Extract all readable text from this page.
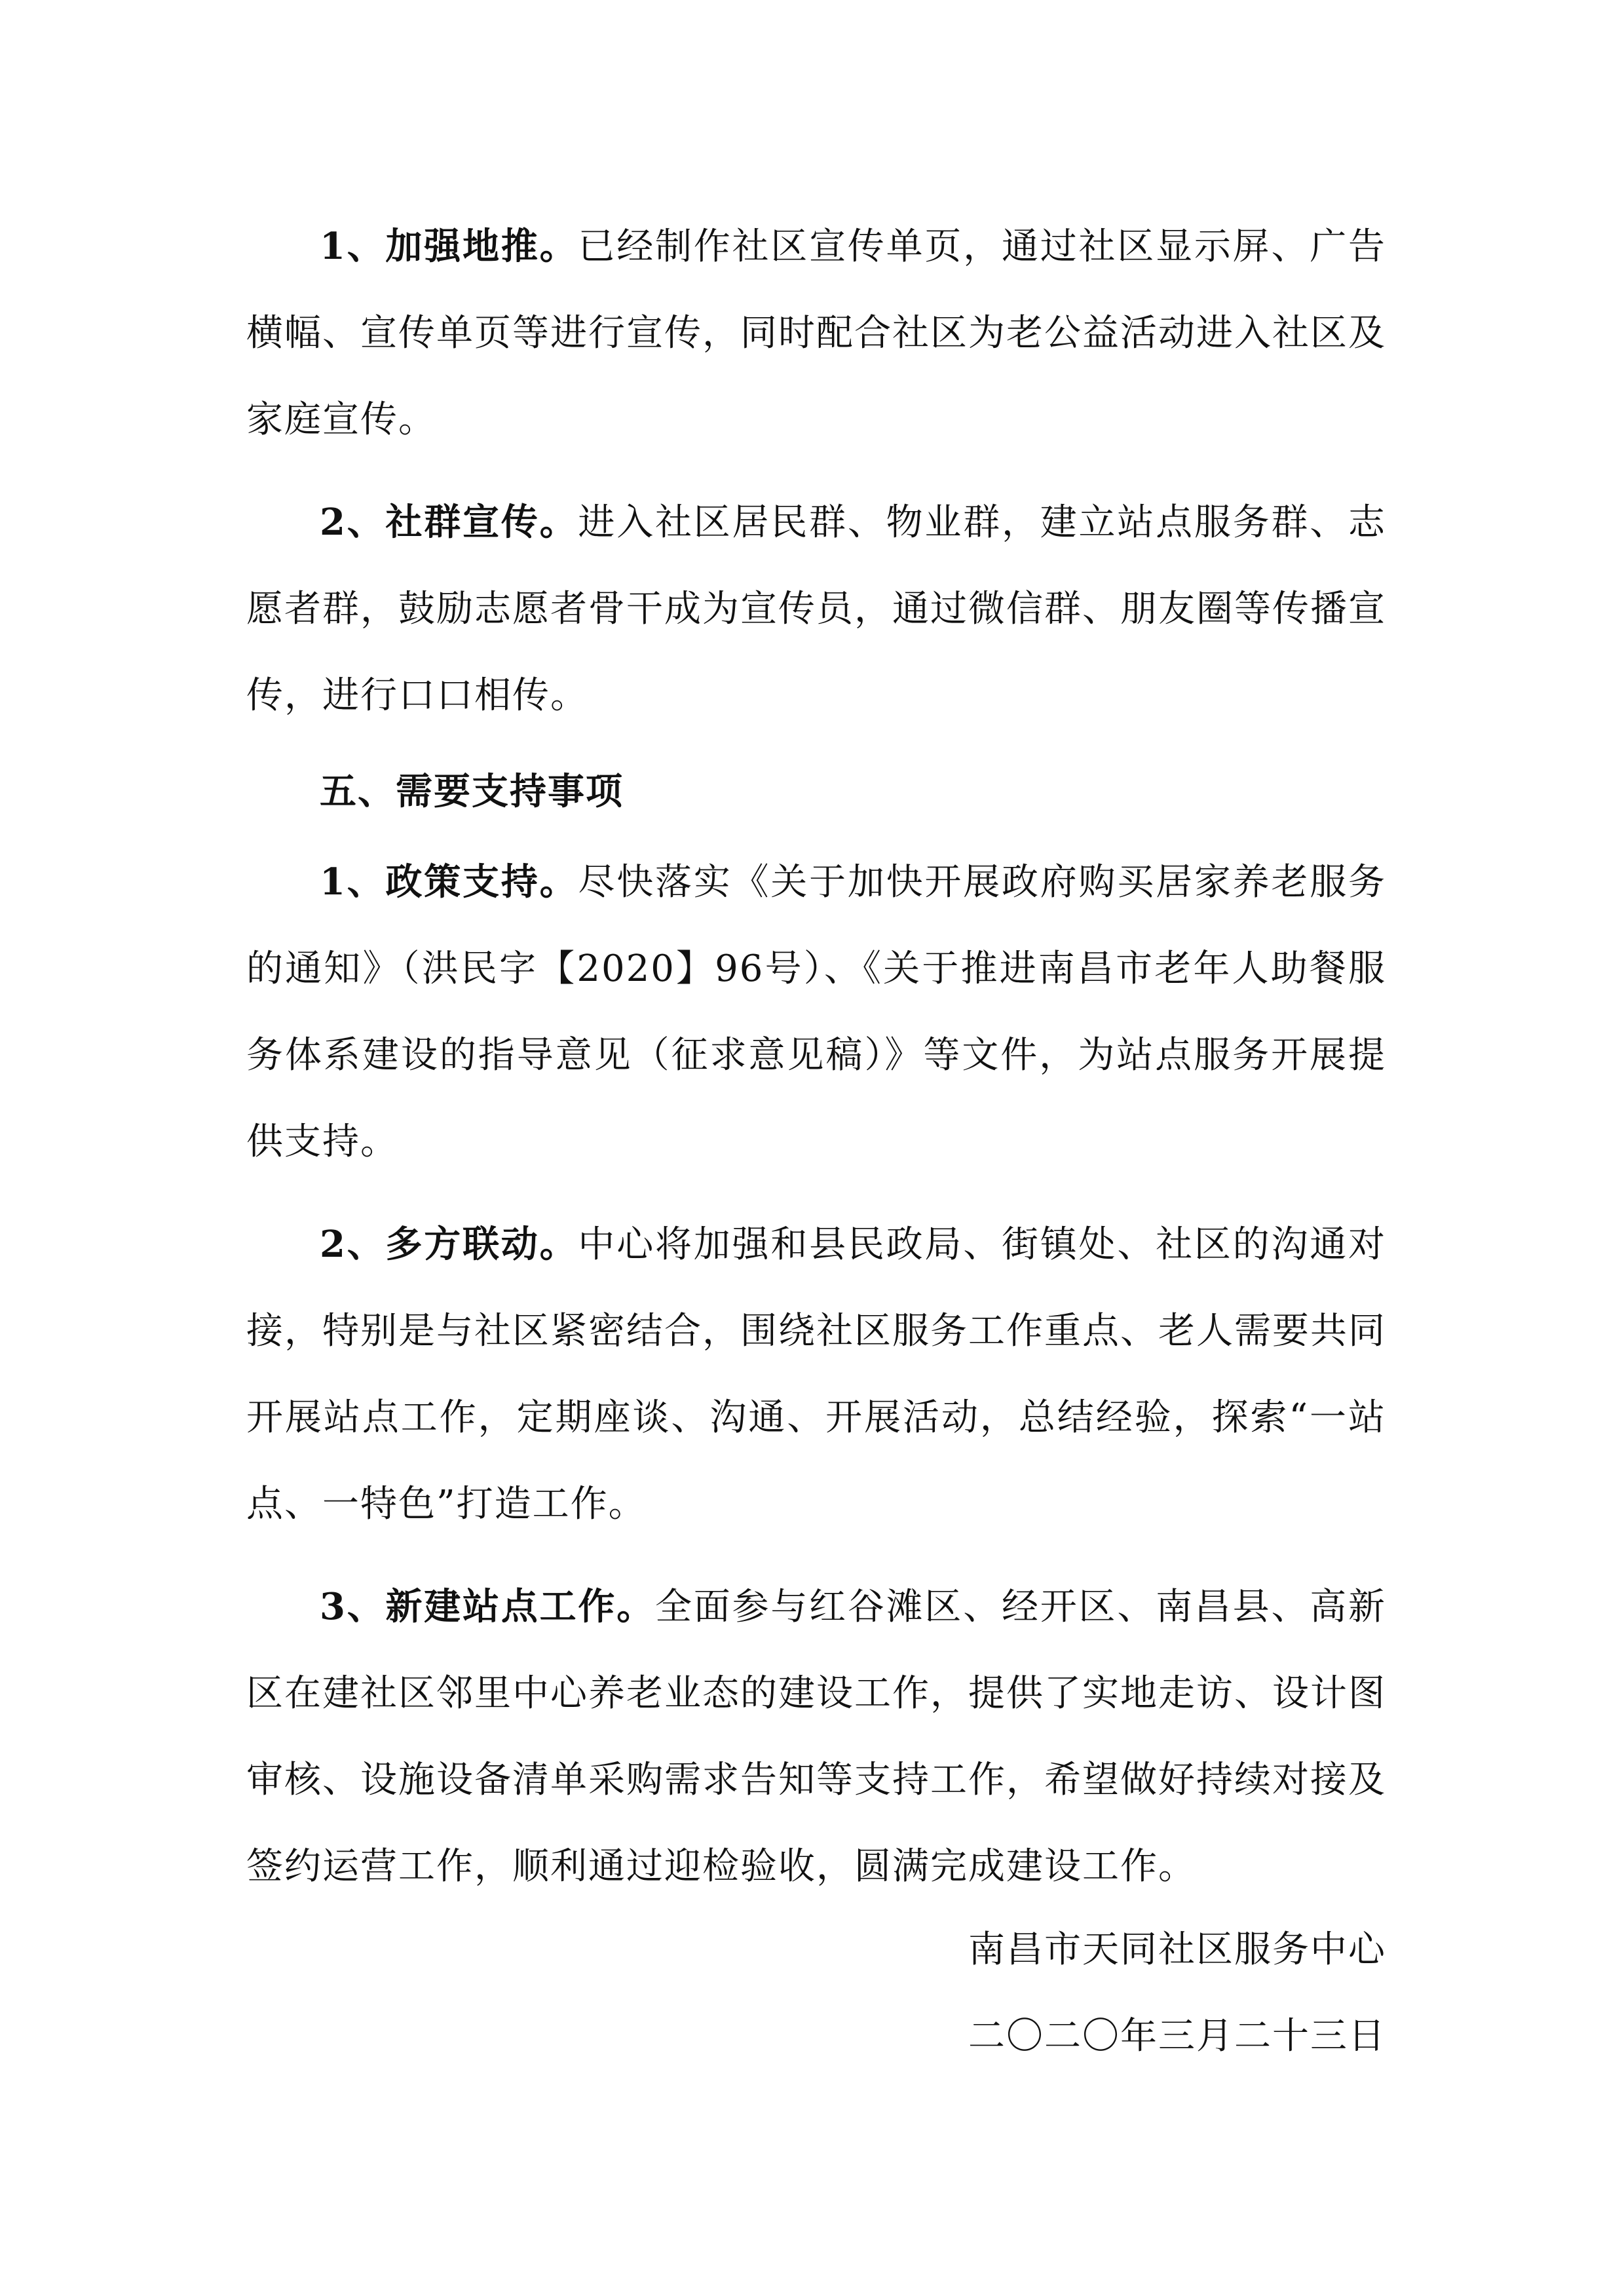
1、加强地推。已经制作社区宣传单页，通过社区显示屏、广告横幅、宣传单页等进行宣传，同时配合社区为老公益活动进入社区及家庭宣传。

2、社群宣传。进入社区居民群、物业群，建立站点服务群、志愿者群，鼓励志愿者骨干成为宣传员，通过微信群、朋友圈等传播宣传，进行口口相传。

五、需要支持事项

1、政策支持。尽快落实《关于加快开展政府购买居家养老服务的通知》（洪民字【2020】96号）、《关于推进南昌市老年人助餐服务体系建设的指导意见（征求意见稿）》等文件，为站点服务开展提供支持。

2、多方联动。中心将加强和县民政局、街镇处、社区的沟通对接，特别是与社区紧密结合，围绕社区服务工作重点、老人需要共同开展站点工作，定期座谈、沟通、开展活动，总结经验，探索“一站点、一特色”打造工作。

3、新建站点工作。全面参与红谷滩区、经开区、南昌县、高新区在建社区邻里中心养老业态的建设工作，提供了实地走访、设计图审核、设施设备清单采购需求告知等支持工作，希望做好持续对接及签约运营工作，顺利通过迎检验收，圆满完成建设工作。

南昌市天同社区服务中心
二〇二〇年三月二十三日
